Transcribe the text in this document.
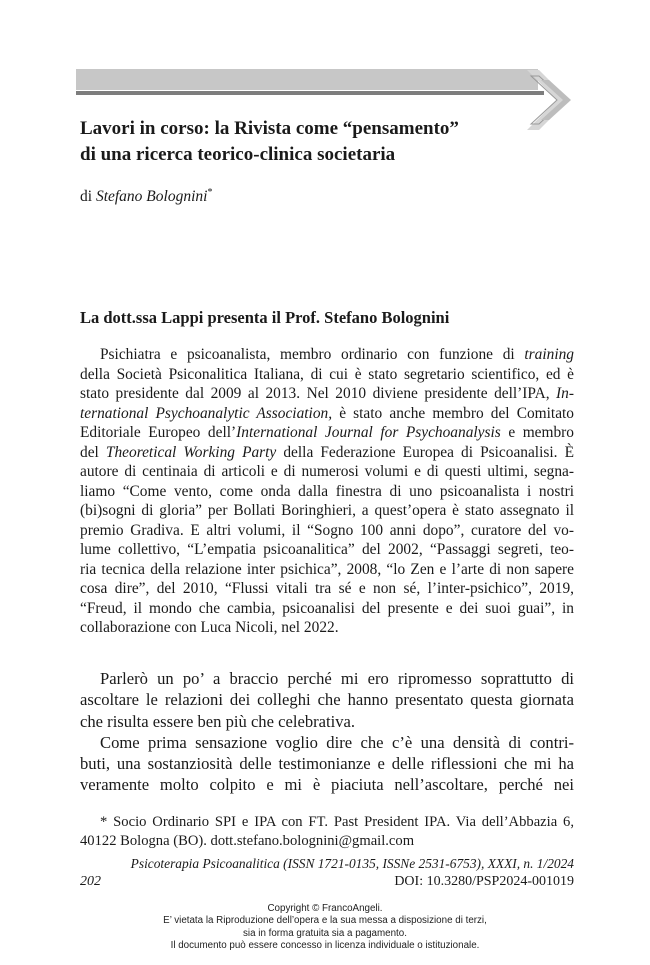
Lavori in corso: la Rivista come “pensamento”
di una ricerca teorico-clinica societaria
di Stefano Bolognini*
La dott.ssa Lappi presenta il Prof. Stefano Bolognini
Psichiatra e psicoanalista, membro ordinario con funzione di training
della Società Psiconalitica Italiana, di cui è stato segretario scientifico, ed è
stato presidente dal 2009 al 2013. Nel 2010 diviene presidente dell’IPA, In-
ternational Psychoanalytic Association, è stato anche membro del Comitato
Editoriale Europeo dell’International Journal for Psychoanalysis e membro
del Theoretical Working Party della Federazione Europea di Psicoanalisi. È
autore di centinaia di articoli e di numerosi volumi e di questi ultimi, segna-
liamo “Come vento, come onda dalla finestra di uno psicoanalista i nostri
(bi)sogni di gloria” per Bollati Boringhieri, a quest’opera è stato assegnato il
premio Gradiva. E altri volumi, il “Sogno 100 anni dopo”, curatore del vo-
lume collettivo, “L’empatia psicoanalitica” del 2002, “Passaggi segreti, teo-
ria tecnica della relazione inter psichica”, 2008, “lo Zen e l’arte di non sapere
cosa dire”, del 2010, “Flussi vitali tra sé e non sé, l’inter-psichico”, 2019,
“Freud, il mondo che cambia, psicoanalisi del presente e dei suoi guai”, in
collaborazione con Luca Nicoli, nel 2022.
Parlerò un po’ a braccio perché mi ero ripromesso soprattutto di
ascoltare le relazioni dei colleghi che hanno presentato questa giornata
che risulta essere ben più che celebrativa.
Come prima sensazione voglio dire che c’è una densità di contri-
buti, una sostanziosità delle testimonianze e delle riflessioni che mi ha
veramente molto colpito e mi è piaciuta nell’ascoltare, perché nei
* Socio Ordinario SPI e IPA con FT. Past President IPA. Via dell’Abbazia 6,
40122 Bologna (BO). dott.stefano.bolognini@gmail.com
Psicoterapia Psicoanalitica (ISSN 1721-0135, ISSNe 2531-6753), XXXI, n. 1/2024
202	DOI: 10.3280/PSP2024-001019
Copyright © FrancoAngeli.
E’ vietata la Riproduzione dell’opera e la sua messa a disposizione di terzi,
sia in forma gratuita sia a pagamento.
Il documento può essere concesso in licenza individuale o istituzionale.
